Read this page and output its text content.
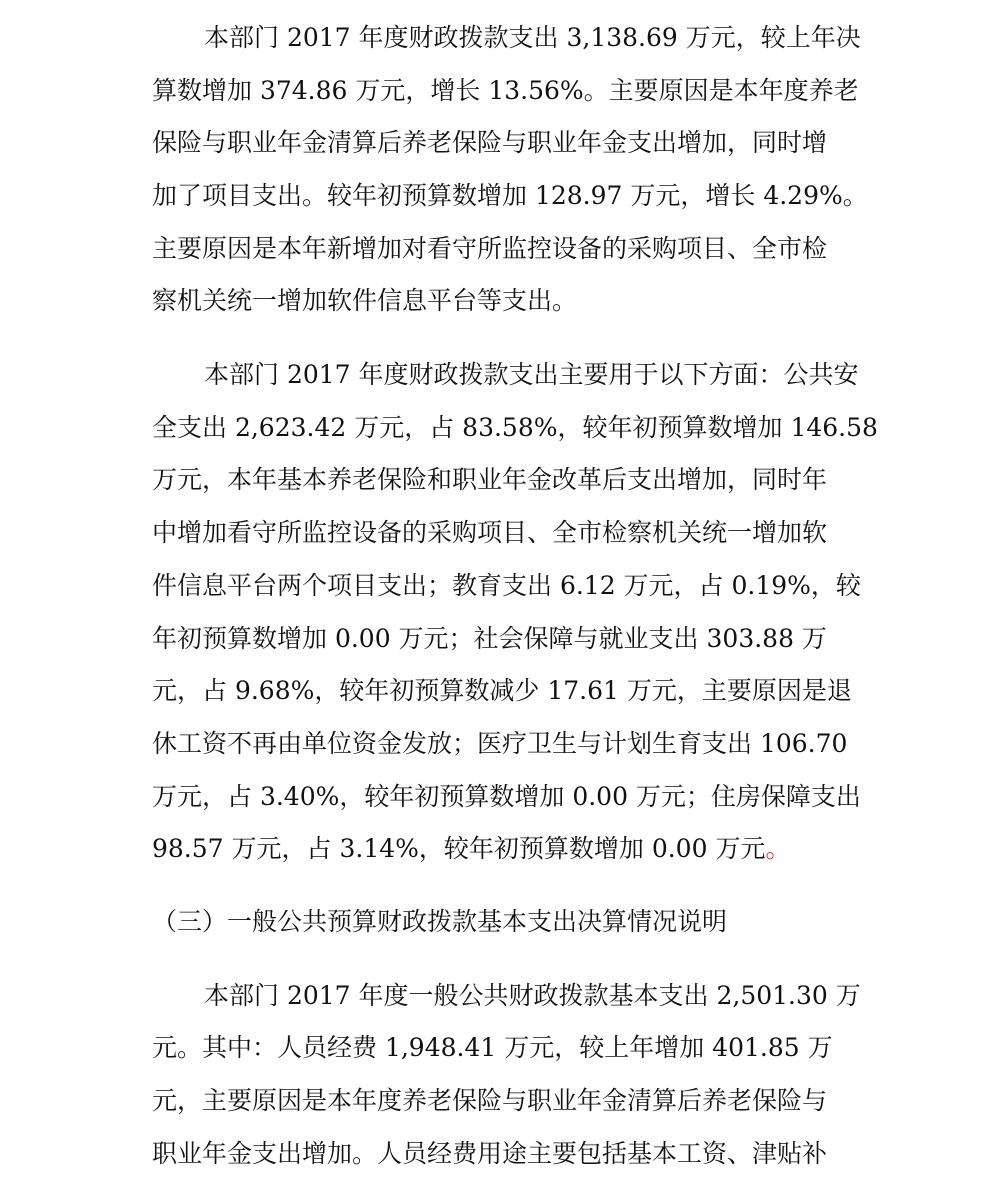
本部门 2017 年度财政拨款支出 3,138.69 万元，较上年决
算数增加 374.86 万元，增长 13.56%。主要原因是本年度养老
保险与职业年金清算后养老保险与职业年金支出增加，同时增
加了项目支出。较年初预算数增加 128.97 万元，增长 4.29%。
主要原因是本年新增加对看守所监控设备的采购项目、全市检
察机关统一增加软件信息平台等支出。
本部门 2017 年度财政拨款支出主要用于以下方面：公共安
全支出 2,623.42 万元，占 83.58%，较年初预算数增加 146.58
万元，本年基本养老保险和职业年金改革后支出增加，同时年
中增加看守所监控设备的采购项目、全市检察机关统一增加软
件信息平台两个项目支出；教育支出 6.12 万元，占 0.19%，较
年初预算数增加 0.00 万元；社会保障与就业支出 303.88 万
元，占 9.68%，较年初预算数减少 17.61 万元，主要原因是退
休工资不再由单位资金发放；医疗卫生与计划生育支出 106.70
万元，占 3.40%，较年初预算数增加 0.00 万元；住房保障支出
98.57 万元，占 3.14%，较年初预算数增加 0.00 万元。
（三）一般公共预算财政拨款基本支出决算情况说明
本部门 2017 年度一般公共财政拨款基本支出 2,501.30 万
元。其中：人员经费 1,948.41 万元，较上年增加 401.85 万
元，主要原因是本年度养老保险与职业年金清算后养老保险与
职业年金支出增加。人员经费用途主要包括基本工资、津贴补
